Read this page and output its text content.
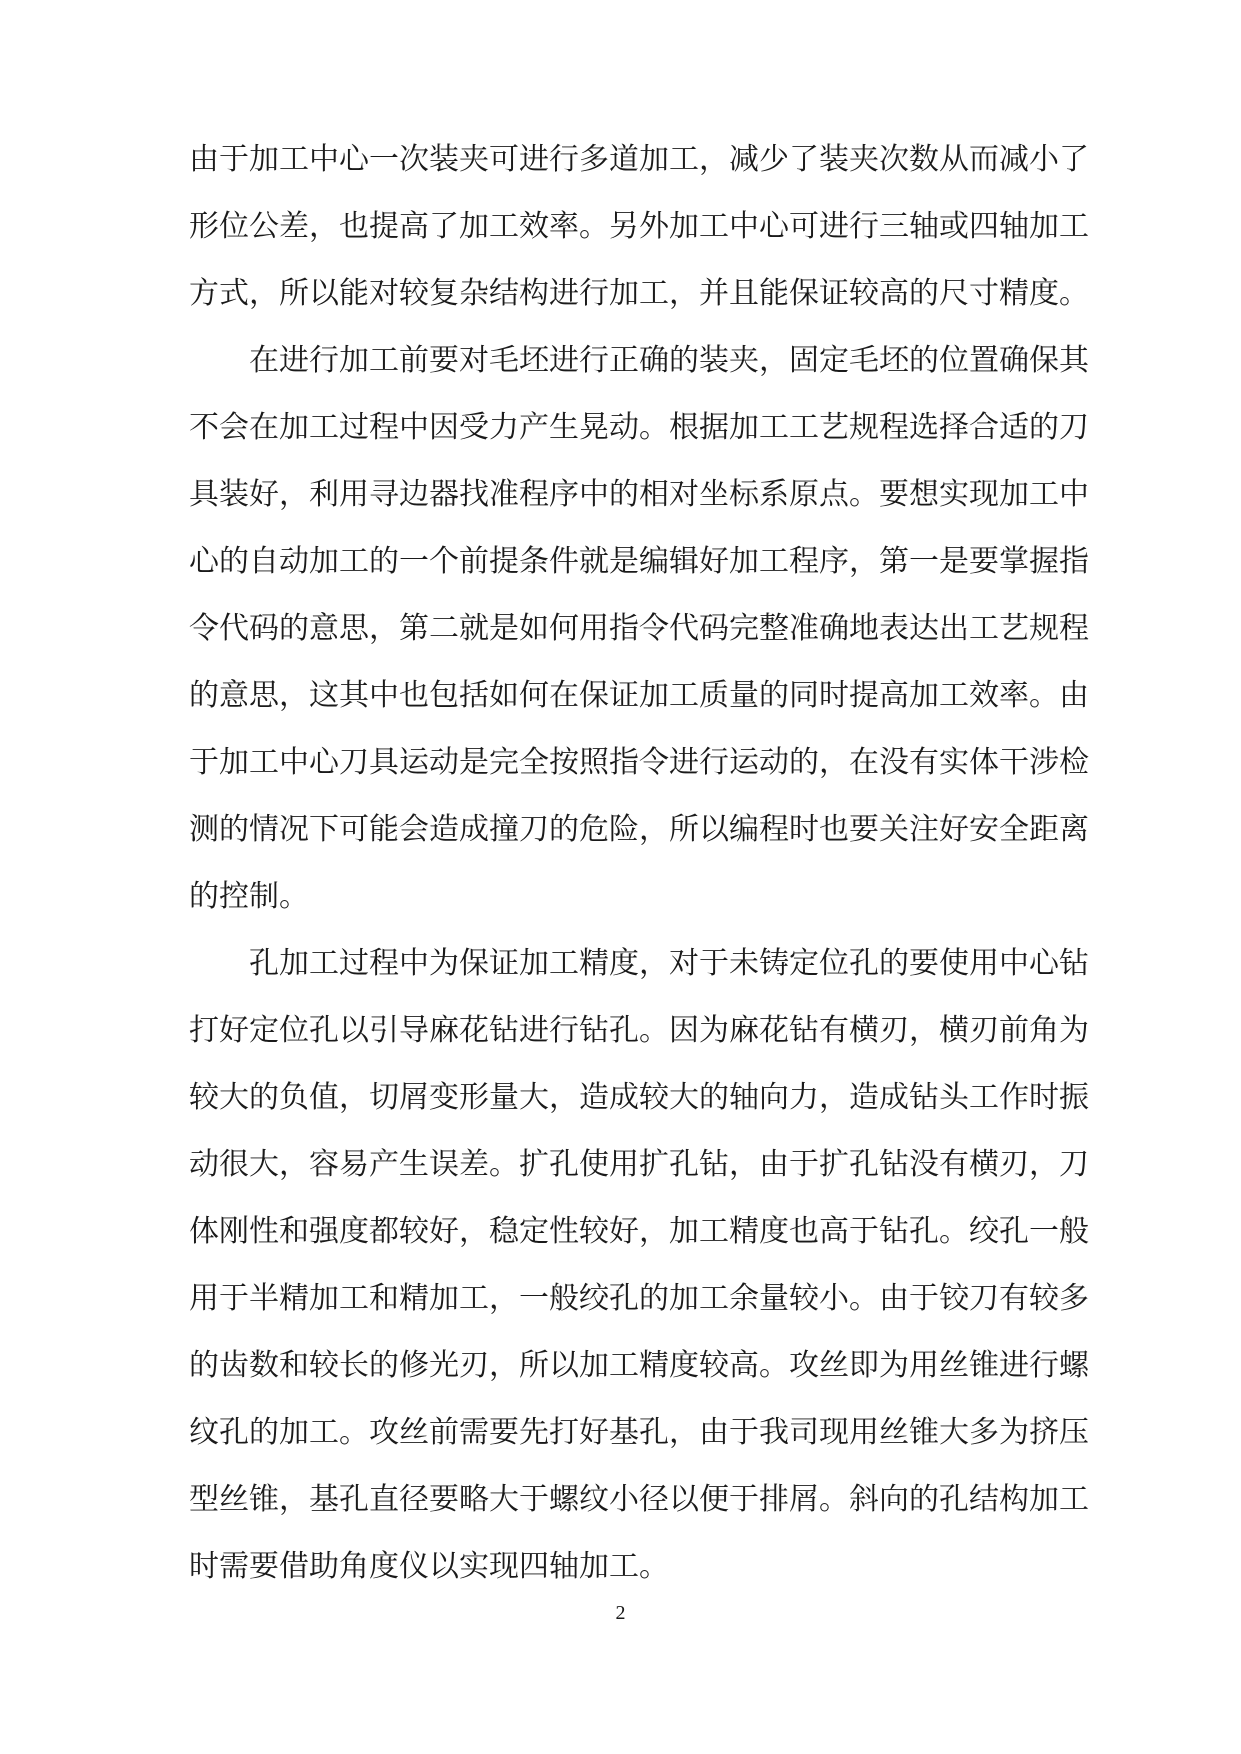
由于加工中心一次装夹可进行多道加工，减少了装夹次数从而减小了
形位公差，也提高了加工效率。另外加工中心可进行三轴或四轴加工
方式，所以能对较复杂结构进行加工，并且能保证较高的尺寸精度。
在进行加工前要对毛坯进行正确的装夹，固定毛坯的位置确保其
不会在加工过程中因受力产生晃动。根据加工工艺规程选择合适的刀
具装好，利用寻边器找准程序中的相对坐标系原点。要想实现加工中
心的自动加工的一个前提条件就是编辑好加工程序，第一是要掌握指
令代码的意思，第二就是如何用指令代码完整准确地表达出工艺规程
的意思，这其中也包括如何在保证加工质量的同时提高加工效率。由
于加工中心刀具运动是完全按照指令进行运动的，在没有实体干涉检
测的情况下可能会造成撞刀的危险，所以编程时也要关注好安全距离
的控制。
孔加工过程中为保证加工精度，对于未铸定位孔的要使用中心钻
打好定位孔以引导麻花钻进行钻孔。因为麻花钻有横刃，横刃前角为
较大的负值，切屑变形量大，造成较大的轴向力，造成钻头工作时振
动很大，容易产生误差。扩孔使用扩孔钻，由于扩孔钻没有横刃，刀
体刚性和强度都较好，稳定性较好，加工精度也高于钻孔。绞孔一般
用于半精加工和精加工，一般绞孔的加工余量较小。由于铰刀有较多
的齿数和较长的修光刃，所以加工精度较高。攻丝即为用丝锥进行螺
纹孔的加工。攻丝前需要先打好基孔，由于我司现用丝锥大多为挤压
型丝锥，基孔直径要略大于螺纹小径以便于排屑。斜向的孔结构加工
时需要借助角度仪以实现四轴加工。
2
